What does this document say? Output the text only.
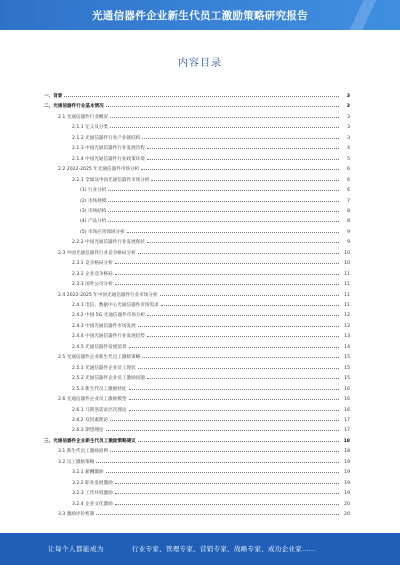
光通信器件企业新生代员工激励策略研究报告
内容目录
一、背景	3
二、光通信器件行业基本情况	3
2.1 光通信器件行业概况	3
2.1.1 定义及分类	3
2.1.2 光通信器件行业产业链结构	3
2.1.3 中国光通信器件行业发展历程	4
2.1.4 中国光通信器件行业政策环境	5
2.2 2022-2025 年光通信器件市场分析	6
2.2.1 全球及中国光通信器件市场分析	6
(1) 行业分析	6
(2) 市场规模	7
(3) 市场结构	8
(4) 产品分析	8
(5) 市场应用领域分析	9
2.2.2 中国光通信器件行业发展现状	9
2.3 中国光通信器件行业竞争格局分析	10
2.3.1 竞争格局分析	10
2.3.2 企业竞争格局	11
2.3.3 国外公司分析	11
2.4 2022-2025 年中国光通信器件行业市场分析	11
2.4.1 电信、数据中心光通信器件市场需求	11
2.4.2 中国 5G 光通信器件市场分析	12
2.4.3 中国光通信器件市场发展	12
2.4.4 中国光通信器件行业发展趋势	13
2.4.5 光通信器件发展前景	14
2.5 光通信器件企业新生代员工激励策略	15
2.5.1 光通信器件企业员工现状	15
2.5.2 光通信器件企业员工激励问题	15
2.5.3 新生代员工激励特征	16
2.6 光通信器件企业员工激励模型	16
2.6.1 马斯洛需求层次理论	16
2.6.2 双因素理论	17
2.6.3 期望理论	17
三、光通信器件企业新生代员工激励策略建议	18
3.1 新生代员工激励原则	18
3.2 员工激励策略	19
3.2.1 薪酬激励	19
3.2.2 职业发展激励	19
3.2.3 工作环境激励	19
3.2.4 企业文化激励	20
3.3 激励评价机制	20
·
让每个人都能成为	行业专家、管理专家、营销专家、战略专家、成功企业家……
